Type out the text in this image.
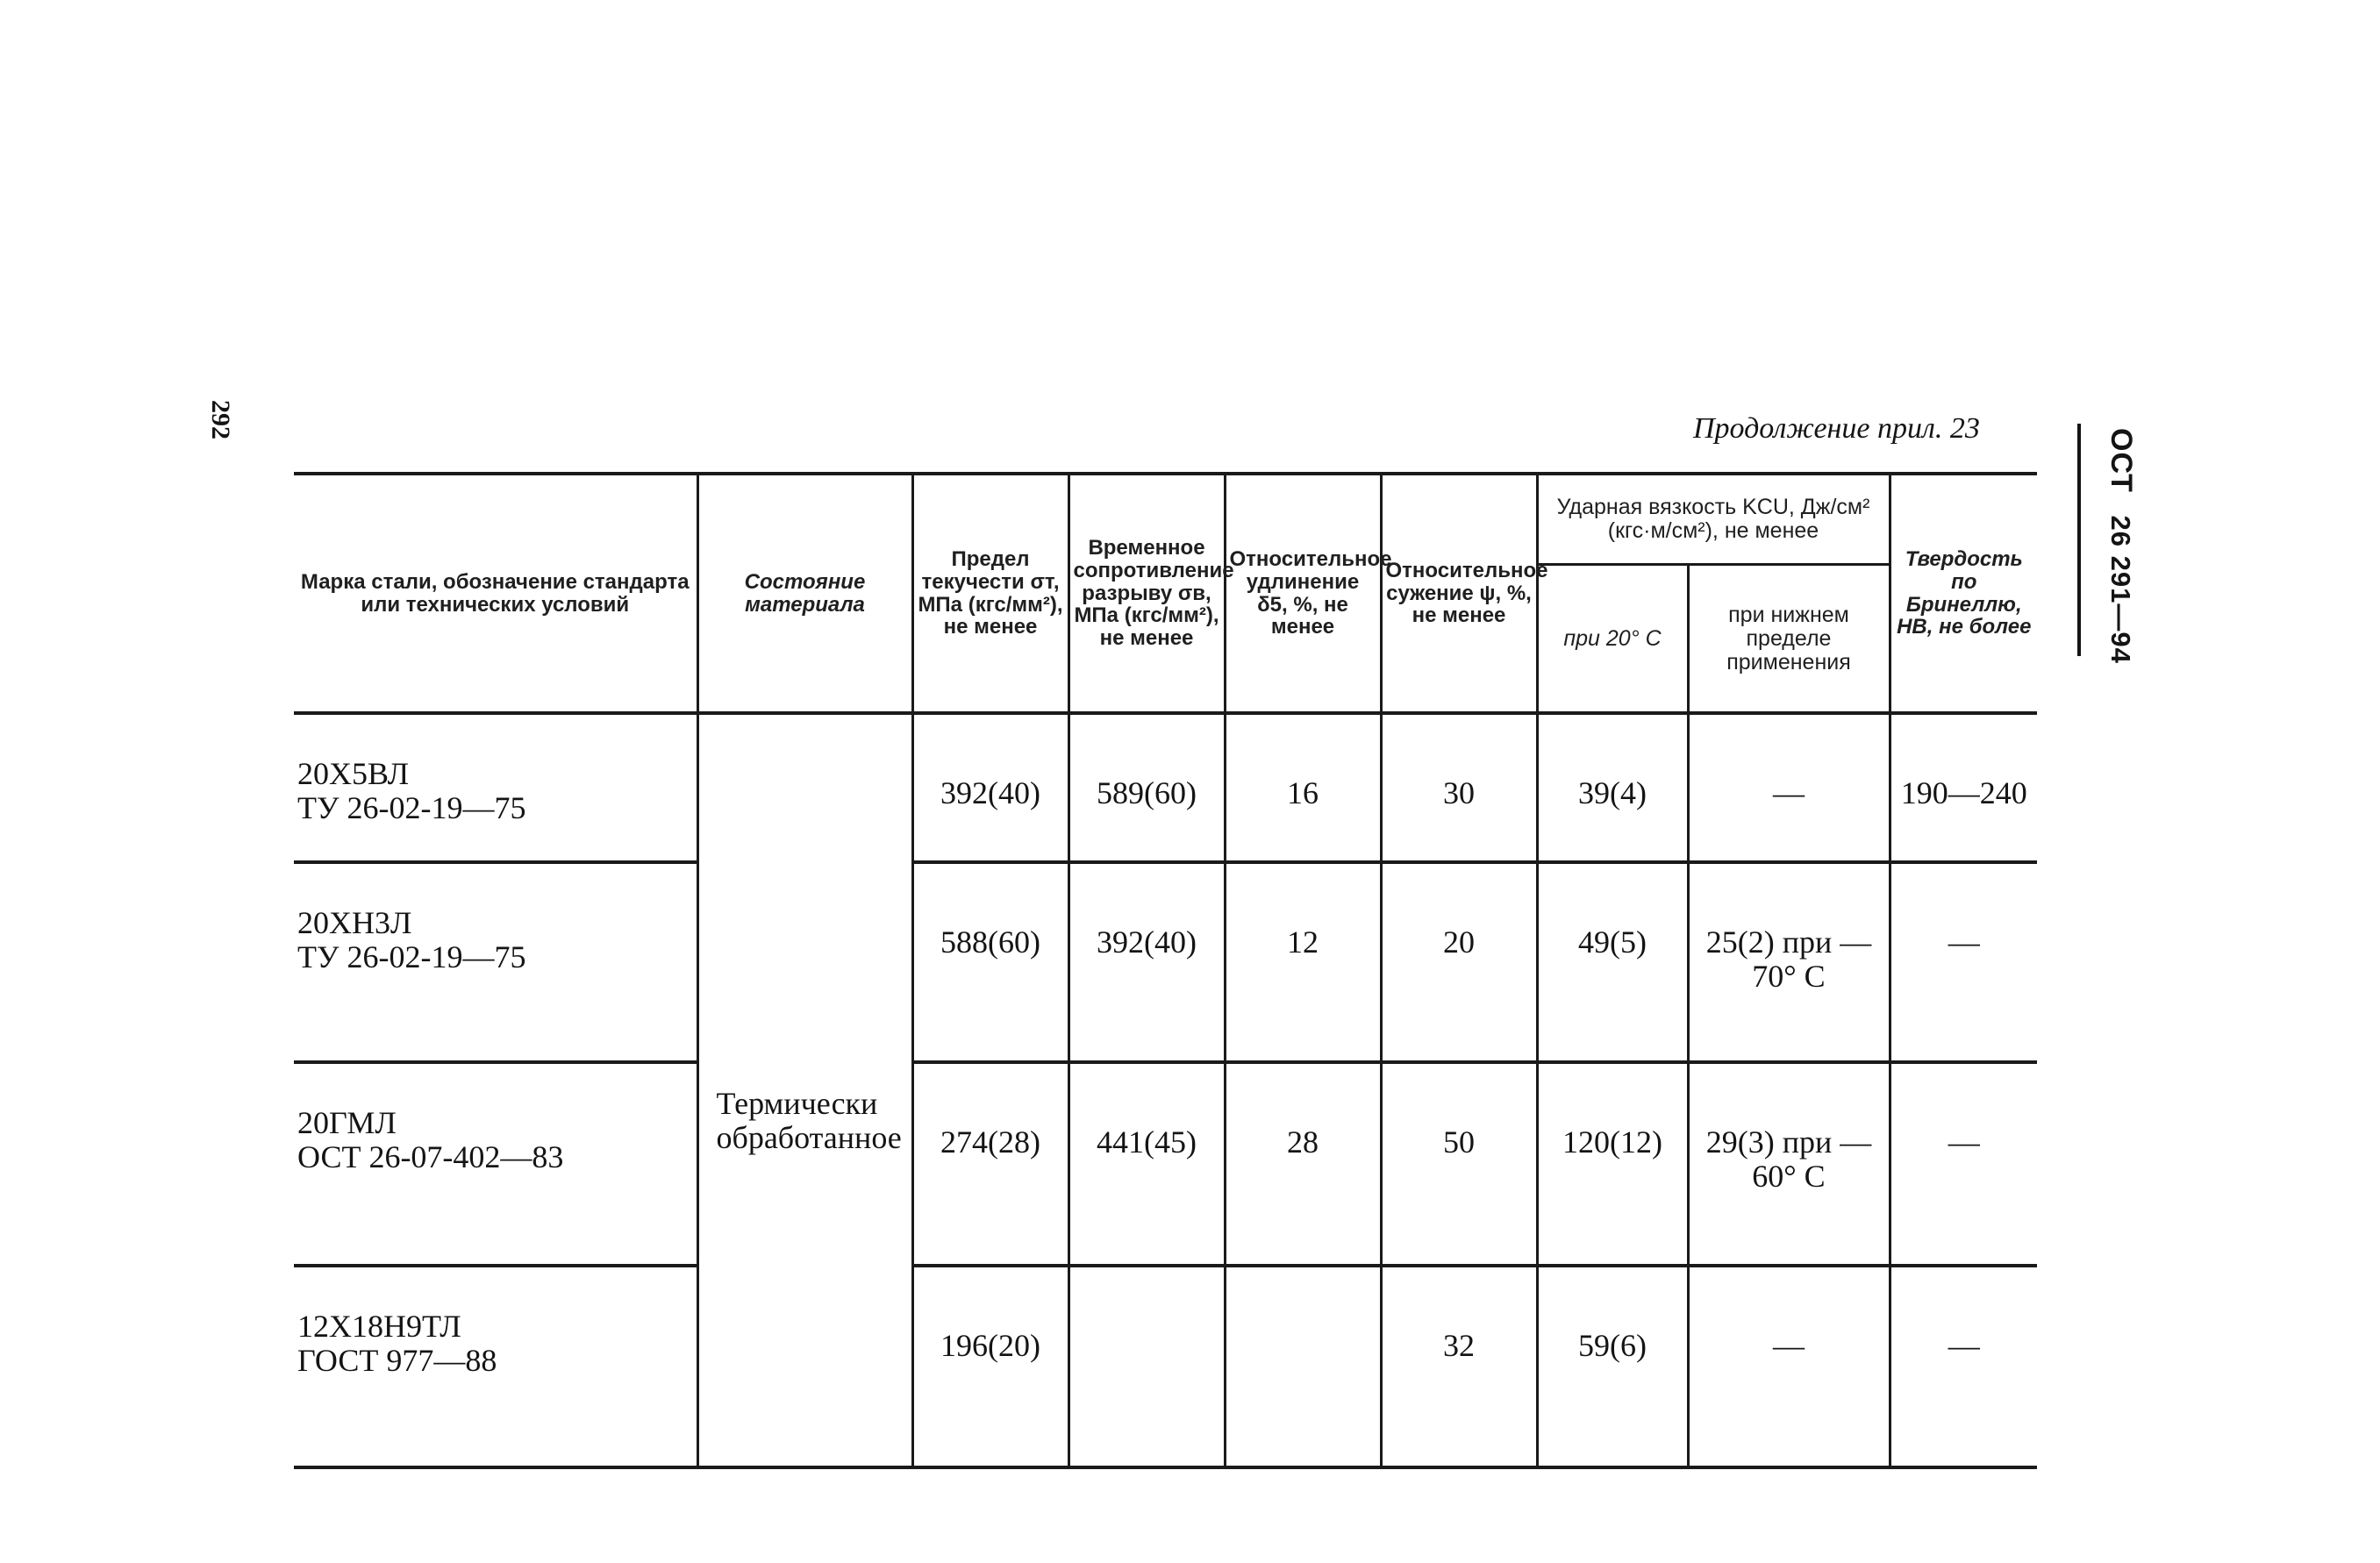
292	Продолжение прил. 23	ОСТ 26 291—94
Марка стали, обозначение стандарта или технических условий	Состояние материала	Предел текучести σт, МПа (кгс/мм²), не менее	Временное сопротивление разрыву σв, МПа (кгс/мм²), не менее	Относительное удлинение δ5, %, не менее	Относительное сужение ψ, %, не менее	Ударная вязкость KCU, Дж/см² (кгс·м/см²), не менее		Твердость по Бринеллю, НВ, не более
						при 20° C	при нижнем пределе применения	

20Х5ВЛ
ТУ 26-02-19—75	Термически обработанное	392(40)	589(60)	16	30	39(4)	—	190—240

20ХН3Л
ТУ 26-02-19—75		588(60)	392(40)	12	20	49(5)	25(2) при —70° С	—

20ГМЛ
ОСТ 26-07-402—83		274(28)	441(45)	28	50	120(12)	29(3) при —60° С	—

12Х18Н9ТЛ
ГОСТ 977—88		196(20)			32	59(6)	—	—
